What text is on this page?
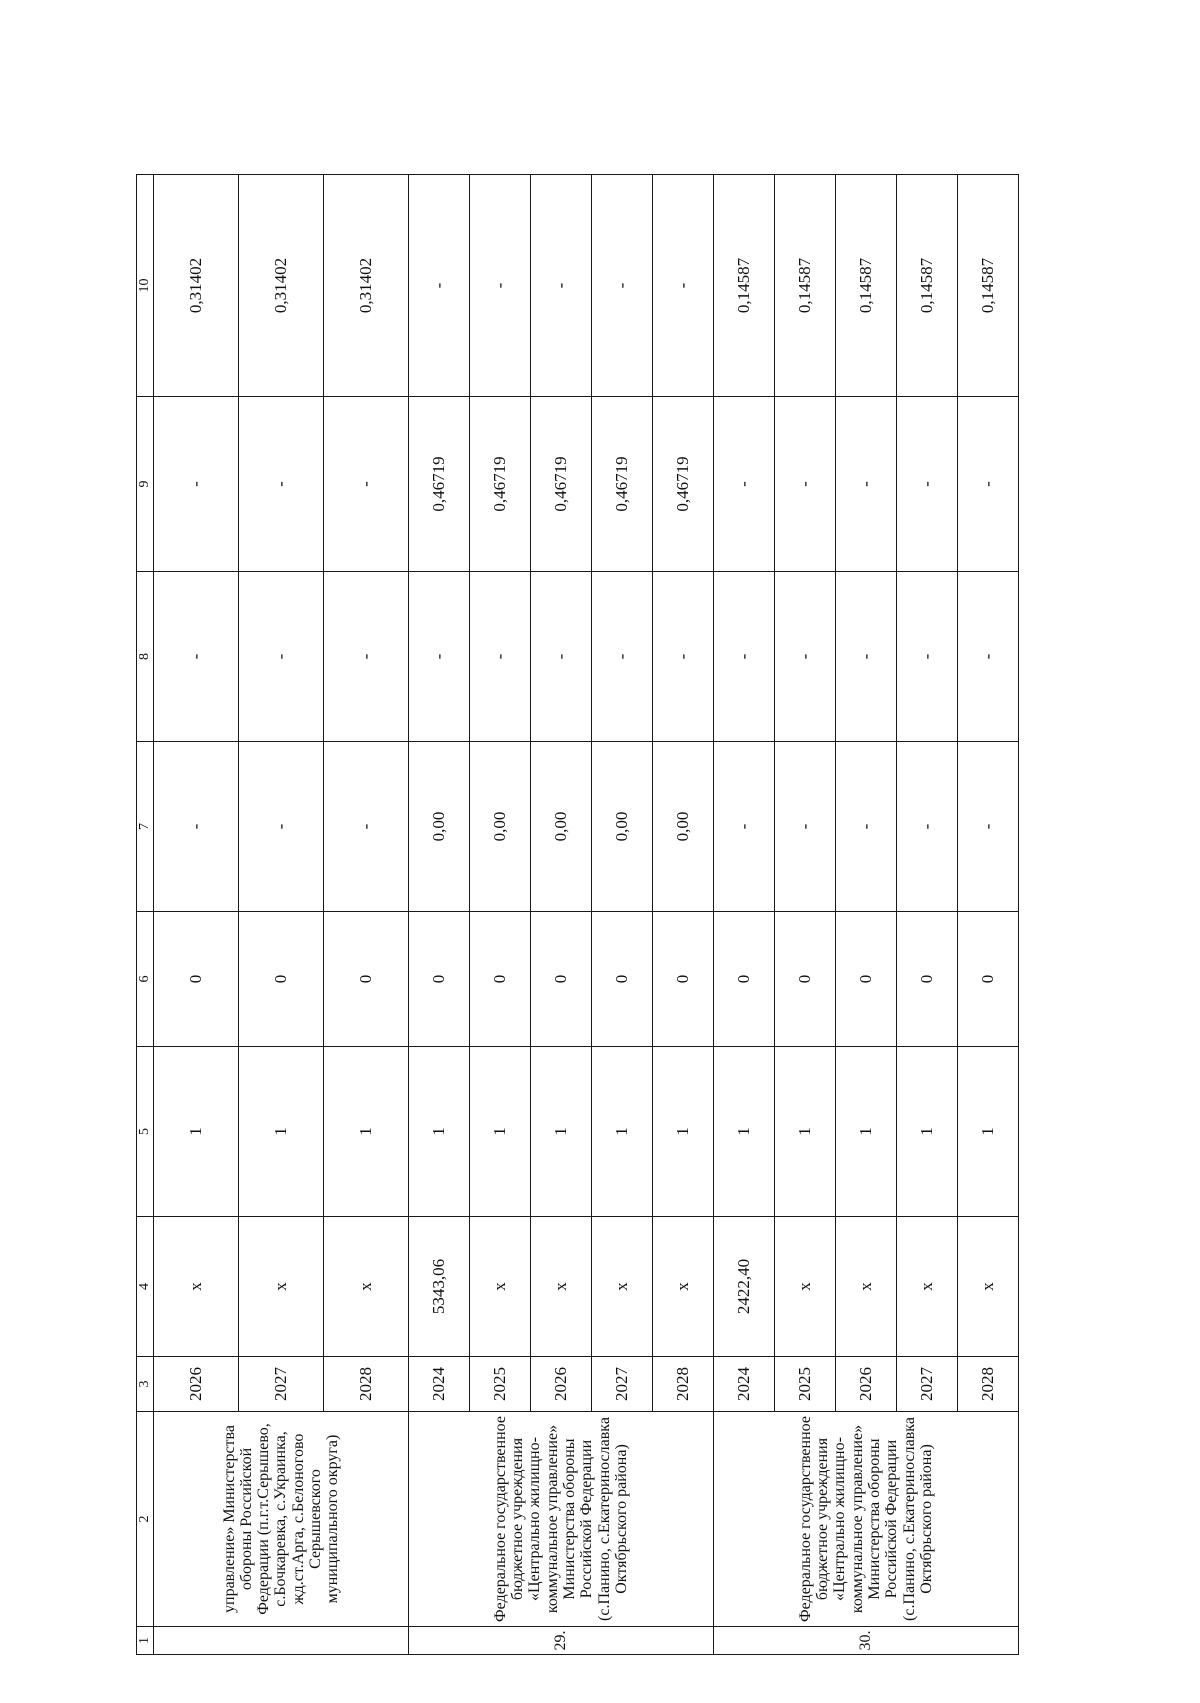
1	2	3	4	5	6	7	8	9	10
	управление» Министерства обороны Российской Федерации (п.г.т.Серышево, с.Бочкаревка, с.Украинка, жд.ст.Арга, с.Белоногово Серышевского муниципального округа)	2026	х	1	0	-	-	-	0,31402
		2027	х	1	0	-	-	-	0,31402
		2028	х	1	0	-	-	-	0,31402
29.	Федеральное государственное бюджетное учреждения «Центрально жилищно-коммунальное управление» Министерства обороны Российской Федерации (с.Панино, с.Екатеринославка Октябрьского района)	2024	5343,06	1	0	0,00	-	0,46719	-
		2025	х	1	0	0,00	-	0,46719	-
		2026	х	1	0	0,00	-	0,46719	-
		2027	х	1	0	0,00	-	0,46719	-
		2028	х	1	0	0,00	-	0,46719	-
30.	Федеральное государственное бюджетное учреждения «Центрально жилищно-коммунальное управление» Министерства обороны Российской Федерации (с.Панино, с.Екатеринославка Октябрьского района)	2024	2422,40	1	0	-	-	-	0,14587
		2025	х	1	0	-	-	-	0,14587
		2026	х	1	0	-	-	-	0,14587
		2027	х	1	0	-	-	-	0,14587
		2028	х	1	0	-	-	-	0,14587
